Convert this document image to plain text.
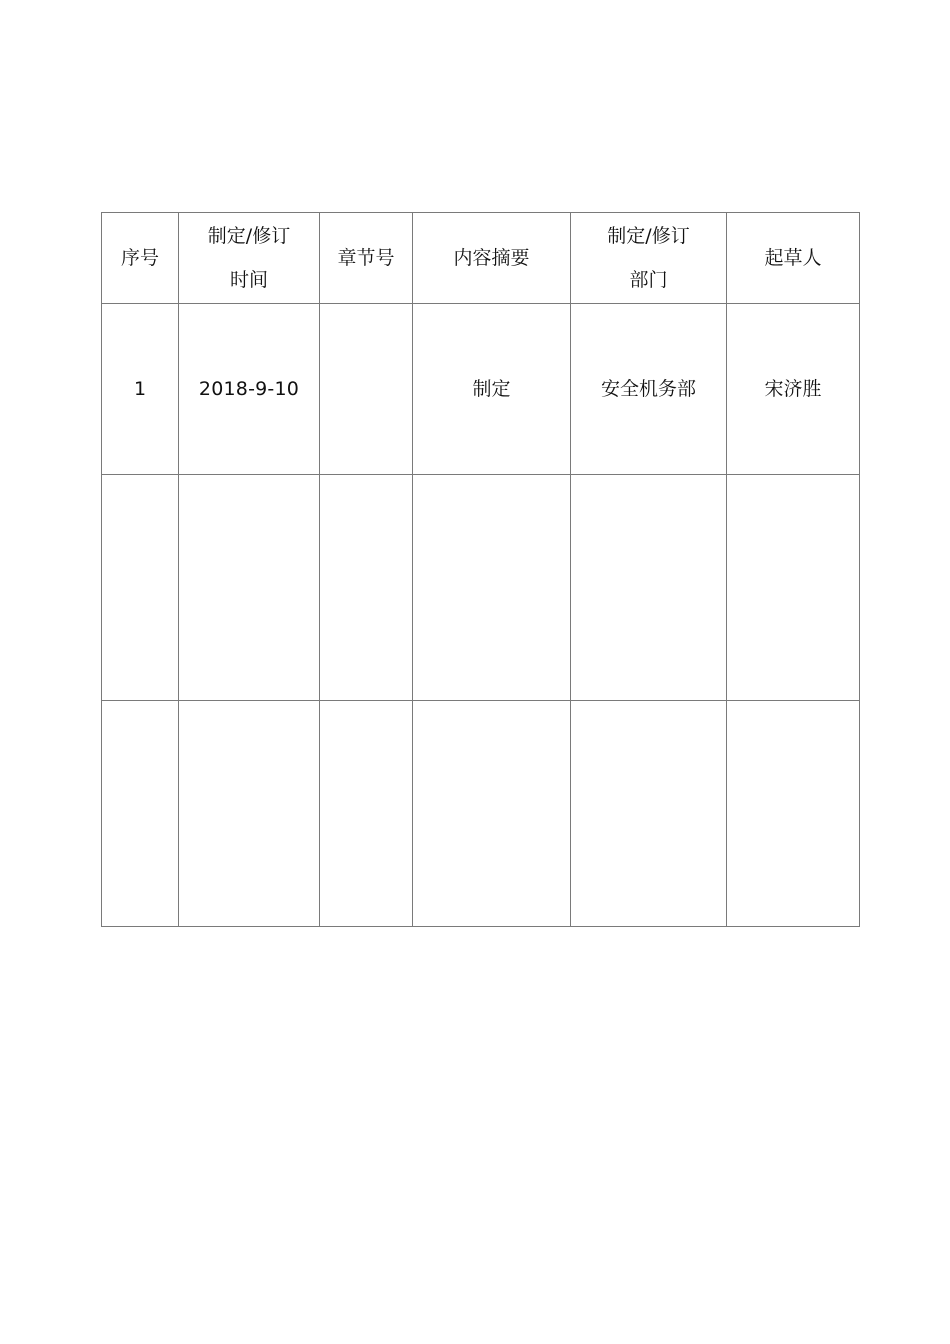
序号	制定/修订时间	章节号	内容摘要	制定/修订部门	起草人
1	2018-9-10		制定	安全机务部	宋济胜
